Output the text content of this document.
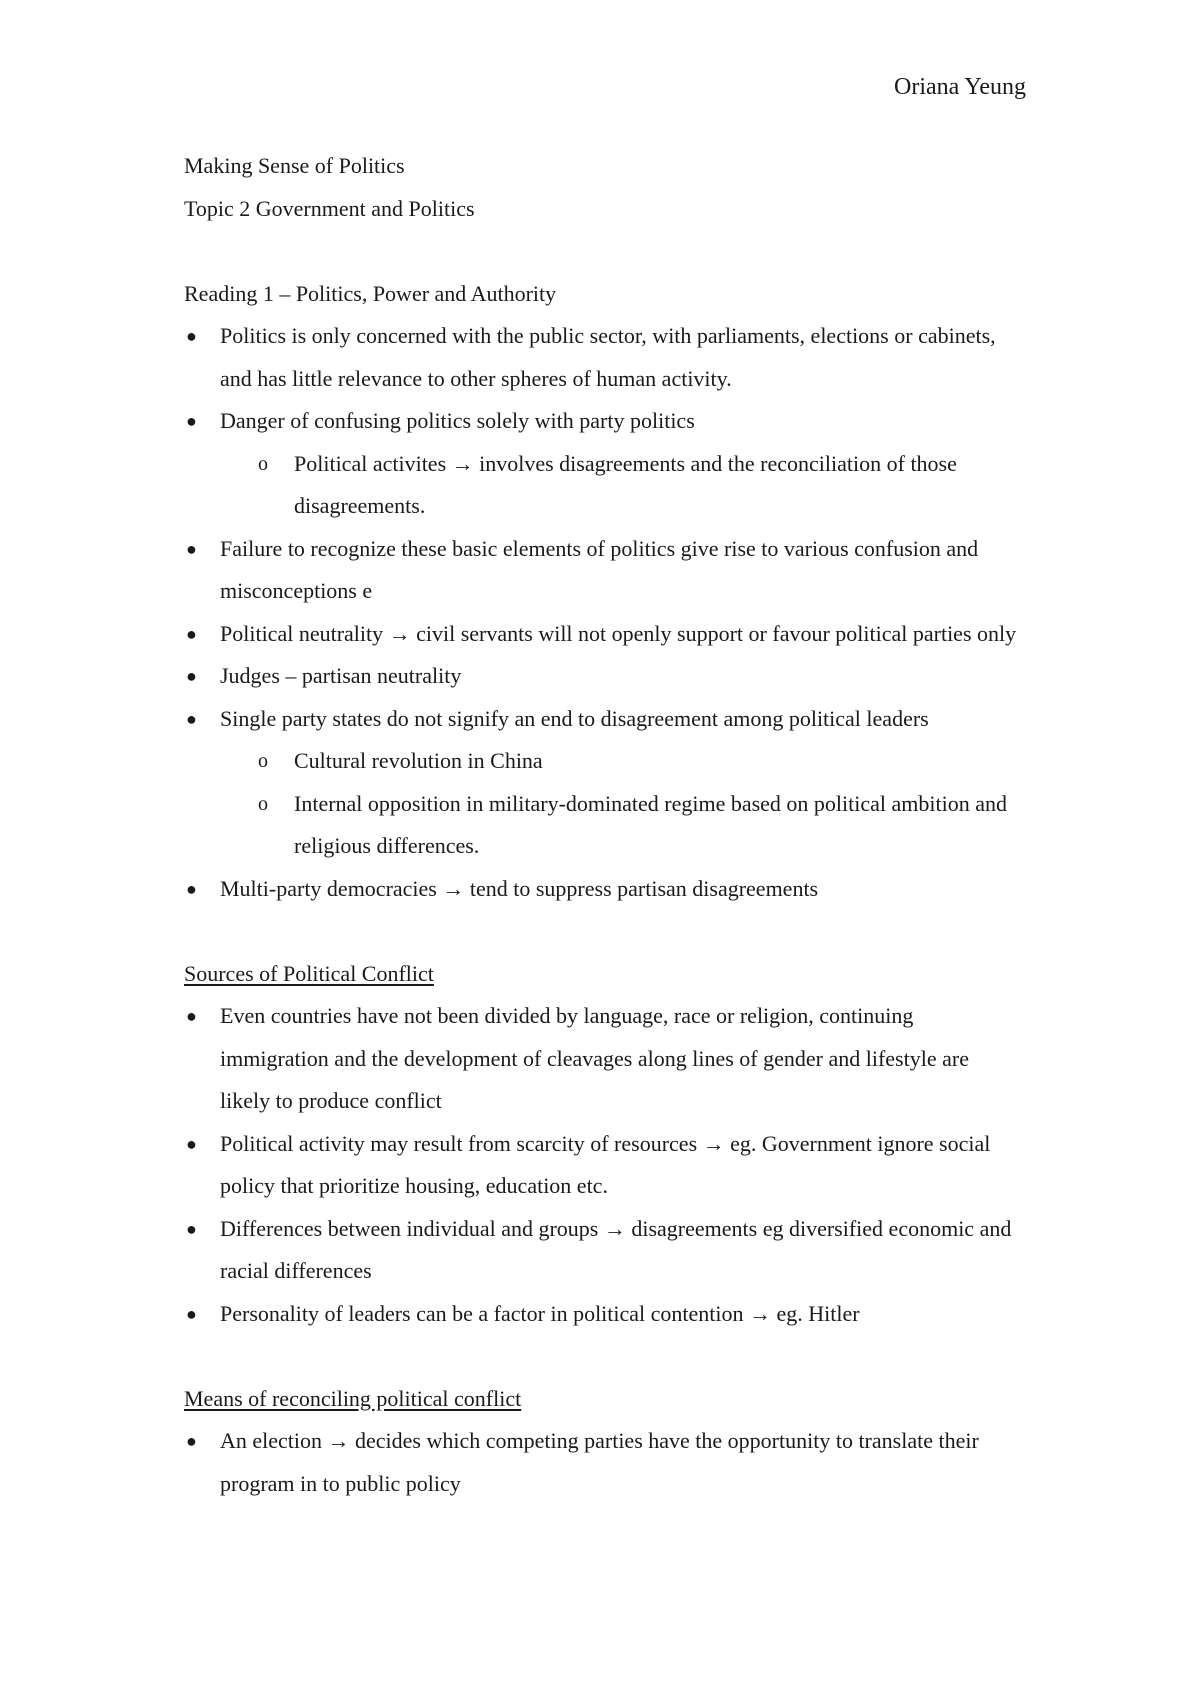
Oriana Yeung

Making Sense of Politics

Topic 2 Government and Politics

Reading 1 – Politics, Power and Authority

● Politics is only concerned with the public sector, with parliaments, elections or cabinets, and has little relevance to other spheres of human activity.
● Danger of confusing politics solely with party politics
o Political activites → involves disagreements and the reconciliation of those disagreements.
● Failure to recognize these basic elements of politics give rise to various confusion and misconceptions e
● Political neutrality → civil servants will not openly support or favour political parties only
● Judges – partisan neutrality
● Single party states do not signify an end to disagreement among political leaders
o Cultural revolution in China
o Internal opposition in military-dominated regime based on political ambition and religious differences.
● Multi-party democracies → tend to suppress partisan disagreements

Sources of Political Conflict

● Even countries have not been divided by language, race or religion, continuing immigration and the development of cleavages along lines of gender and lifestyle are likely to produce conflict
● Political activity may result from scarcity of resources → eg. Government ignore social policy that prioritize housing, education etc.
● Differences between individual and groups → disagreements eg diversified economic and racial differences
● Personality of leaders can be a factor in political contention → eg. Hitler

Means of reconciling political conflict

● An election → decides which competing parties have the opportunity to translate their program in to public policy
